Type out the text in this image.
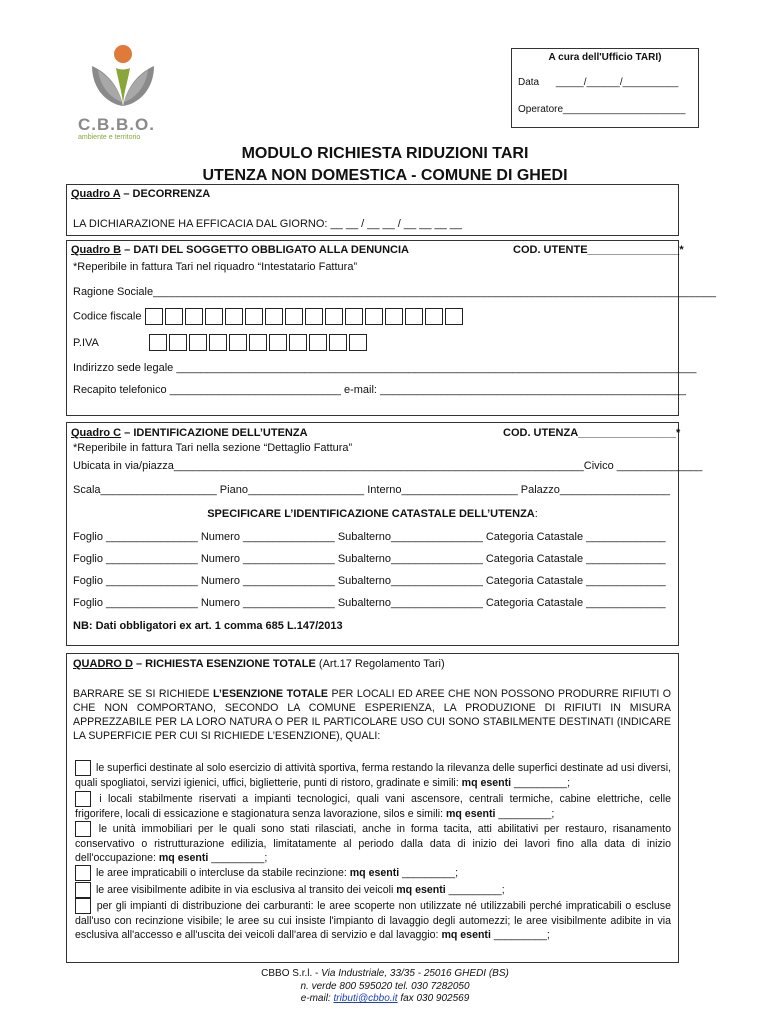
C.B.B.O.
ambiente e territorio
A cura dell'Ufficio TARI)
Data _____/______/__________
Operatore______________________
MODULO RICHIESTA RIDUZIONI TARI
UTENZA NON DOMESTICA - COMUNE DI GHEDI
Quadro A – DECORRENZA
LA DICHIARAZIONE HA EFFICACIA DAL GIORNO: __ __ / __ __ / __ __ __ __
Quadro B – DATI DEL SOGGETTO OBBLIGATO ALLA DENUNCIA	COD. UTENTE_______________*
*Reperibile in fattura Tari nel riquadro “Intestatario Fattura”
Ragione Sociale____________________________________________________________________________________________
Codice fiscale
P.IVA
Indirizzo sede legale _____________________________________________________________________________________
Recapito telefonico ____________________________ e-mail: __________________________________________________
Quadro C – IDENTIFICAZIONE DELL’UTENZA	COD. UTENZA________________*
*Reperibile in fattura Tari nella sezione “Dettaglio Fattura”
Ubicata in via/piazza___________________________________________________________________Civico ______________
Scala___________________ Piano___________________ Interno___________________ Palazzo__________________
SPECIFICARE L’IDENTIFICAZIONE CATASTALE DELL’UTENZA:
Foglio _______________ Numero _______________ Subalterno_______________ Categoria Catastale _____________
Foglio _______________ Numero _______________ Subalterno_______________ Categoria Catastale _____________
Foglio _______________ Numero _______________ Subalterno_______________ Categoria Catastale _____________
Foglio _______________ Numero _______________ Subalterno_______________ Categoria Catastale _____________
NB: Dati obbligatori ex art. 1 comma 685 L.147/2013
QUADRO D – RICHIESTA ESENZIONE TOTALE (Art.17 Regolamento Tari)
BARRARE SE SI RICHIEDE L’ESENZIONE TOTALE PER LOCALI ED AREE CHE NON POSSONO PRODURRE RIFIUTI O CHE NON COMPORTANO, SECONDO LA COMUNE ESPERIENZA, LA PRODUZIONE DI RIFIUTI IN MISURA APPREZZABILE PER LA LORO NATURA O PER IL PARTICOLARE USO CUI SONO STABILMENTE DESTINATI (INDICARE LA SUPERFICIE PER CUI SI RICHIEDE L’ESENZIONE), QUALI:
le superfici destinate al solo esercizio di attività sportiva, ferma restando la rilevanza delle superfici destinate ad usi diversi, quali spogliatoi, servizi igienici, uffici, biglietterie, punti di ristoro, gradinate e simili: mq esenti _________;
i locali stabilmente riservati a impianti tecnologici, quali vani ascensore, centrali termiche, cabine elettriche, celle frigorifere, locali di essicazione e stagionatura senza lavorazione, silos e simili: mq esenti _________;
le unità immobiliari per le quali sono stati rilasciati, anche in forma tacita, atti abilitativi per restauro, risanamento conservativo o ristrutturazione edilizia, limitatamente al periodo dalla data di inizio dei lavori fino alla data di inizio dell'occupazione: mq esenti _________;
le aree impraticabili o intercluse da stabile recinzione: mq esenti _________;
le aree visibilmente adibite in via esclusiva al transito dei veicoli mq esenti _________;
per gli impianti di distribuzione dei carburanti: le aree scoperte non utilizzate né utilizzabili perché impraticabili o escluse dall'uso con recinzione visibile; le aree su cui insiste l'impianto di lavaggio degli automezzi; le aree visibilmente adibite in via esclusiva all'accesso e all'uscita dei veicoli dall'area di servizio e dal lavaggio: mq esenti _________;
CBBO S.r.l. - Via Industriale, 33/35 - 25016 GHEDI (BS)
n. verde 800 595020 tel. 030 7282050
e-mail: tributi@cbbo.it fax 030 902569
